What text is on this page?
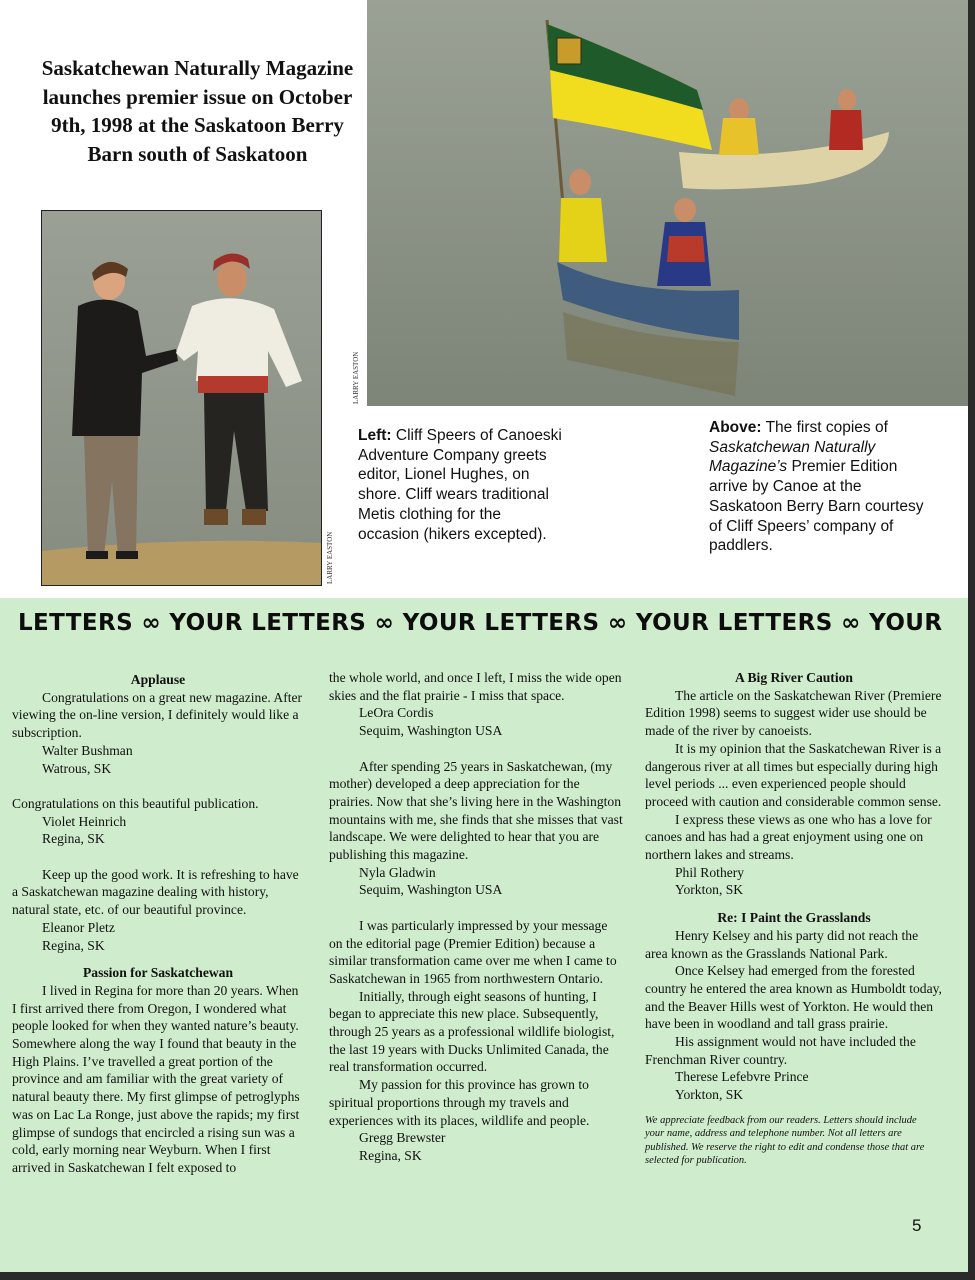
Saskatchewan Naturally Magazine launches premier issue on October 9th, 1998 at the Saskatoon Berry Barn south of Saskatoon
LARRY EASTON
LARRY EASTON
Left: Cliff Speers of Canoeski Adventure Company greets editor, Lionel Hughes, on shore. Cliff wears traditional Metis clothing for the occasion (hikers excepted).
Above: The first copies of Saskatchewan Naturally Magazine’s Premier Edition arrive by Canoe at the Saskatoon Berry Barn courtesy of Cliff Speers’ company of paddlers.
LETTERS ∞ YOUR LETTERS ∞ YOUR LETTERS ∞ YOUR LETTERS ∞ YOUR
Applause

Congratulations on a great new magazine. After viewing the on-line version, I definitely would like a subscription.

Walter Bushman

Watrous, SK

Congratulations on this beautiful publication.

Violet Heinrich

Regina, SK

Keep up the good work. It is refreshing to have a Saskatchewan magazine dealing with history, natural state, etc. of our beautiful province.

Eleanor Pletz

Regina, SK

Passion for Saskatchewan

I lived in Regina for more than 20 years. When I first arrived there from Oregon, I wondered what people looked for when they wanted nature’s beauty. Somewhere along the way I found that beauty in the High Plains. I’ve travelled a great portion of the province and am familiar with the great variety of natural beauty there. My first glimpse of petroglyphs was on Lac La Ronge, just above the rapids; my first glimpse of sundogs that encircled a rising sun was a cold, early morning near Weyburn. When I first arrived in Saskatchewan I felt exposed to

the whole world, and once I left, I miss the wide open skies and the flat prairie - I miss that space.

LeOra Cordis

Sequim, Washington USA

After spending 25 years in Saskatchewan, (my mother) developed a deep appreciation for the prairies. Now that she’s living here in the Washington mountains with me, she finds that she misses that vast landscape. We were delighted to hear that you are publishing this magazine.

Nyla Gladwin

Sequim, Washington USA

I was particularly impressed by your message on the editorial page (Premier Edition) because a similar transformation came over me when I came to Saskatchewan in 1965 from northwestern Ontario.

Initially, through eight seasons of hunting, I began to appreciate this new place. Subsequently, through 25 years as a professional wildlife biologist, the last 19 years with Ducks Unlimited Canada, the real transformation occurred.

My passion for this province has grown to spiritual proportions through my travels and experiences with its places, wildlife and people.

Gregg Brewster

Regina, SK

A Big River Caution

The article on the Saskatchewan River (Premiere Edition 1998) seems to suggest wider use should be made of the river by canoeists.

It is my opinion that the Saskatchewan River is a dangerous river at all times but especially during high level periods ... even experienced people should proceed with caution and considerable common sense.

I express these views as one who has a love for canoes and has had a great enjoyment using one on northern lakes and streams.

Phil Rothery

Yorkton, SK

Re: I Paint the Grasslands

Henry Kelsey and his party did not reach the area known as the Grasslands National Park.

Once Kelsey had emerged from the forested country he entered the area known as Humboldt today, and the Beaver Hills west of Yorkton. He would then have been in woodland and tall grass prairie.

His assignment would not have included the Frenchman River country.

Therese Lefebvre Prince

Yorkton, SK

We appreciate feedback from our readers. Letters should include your name, address and telephone number. Not all letters are published. We reserve the right to edit and condense those that are selected for publication.

5
